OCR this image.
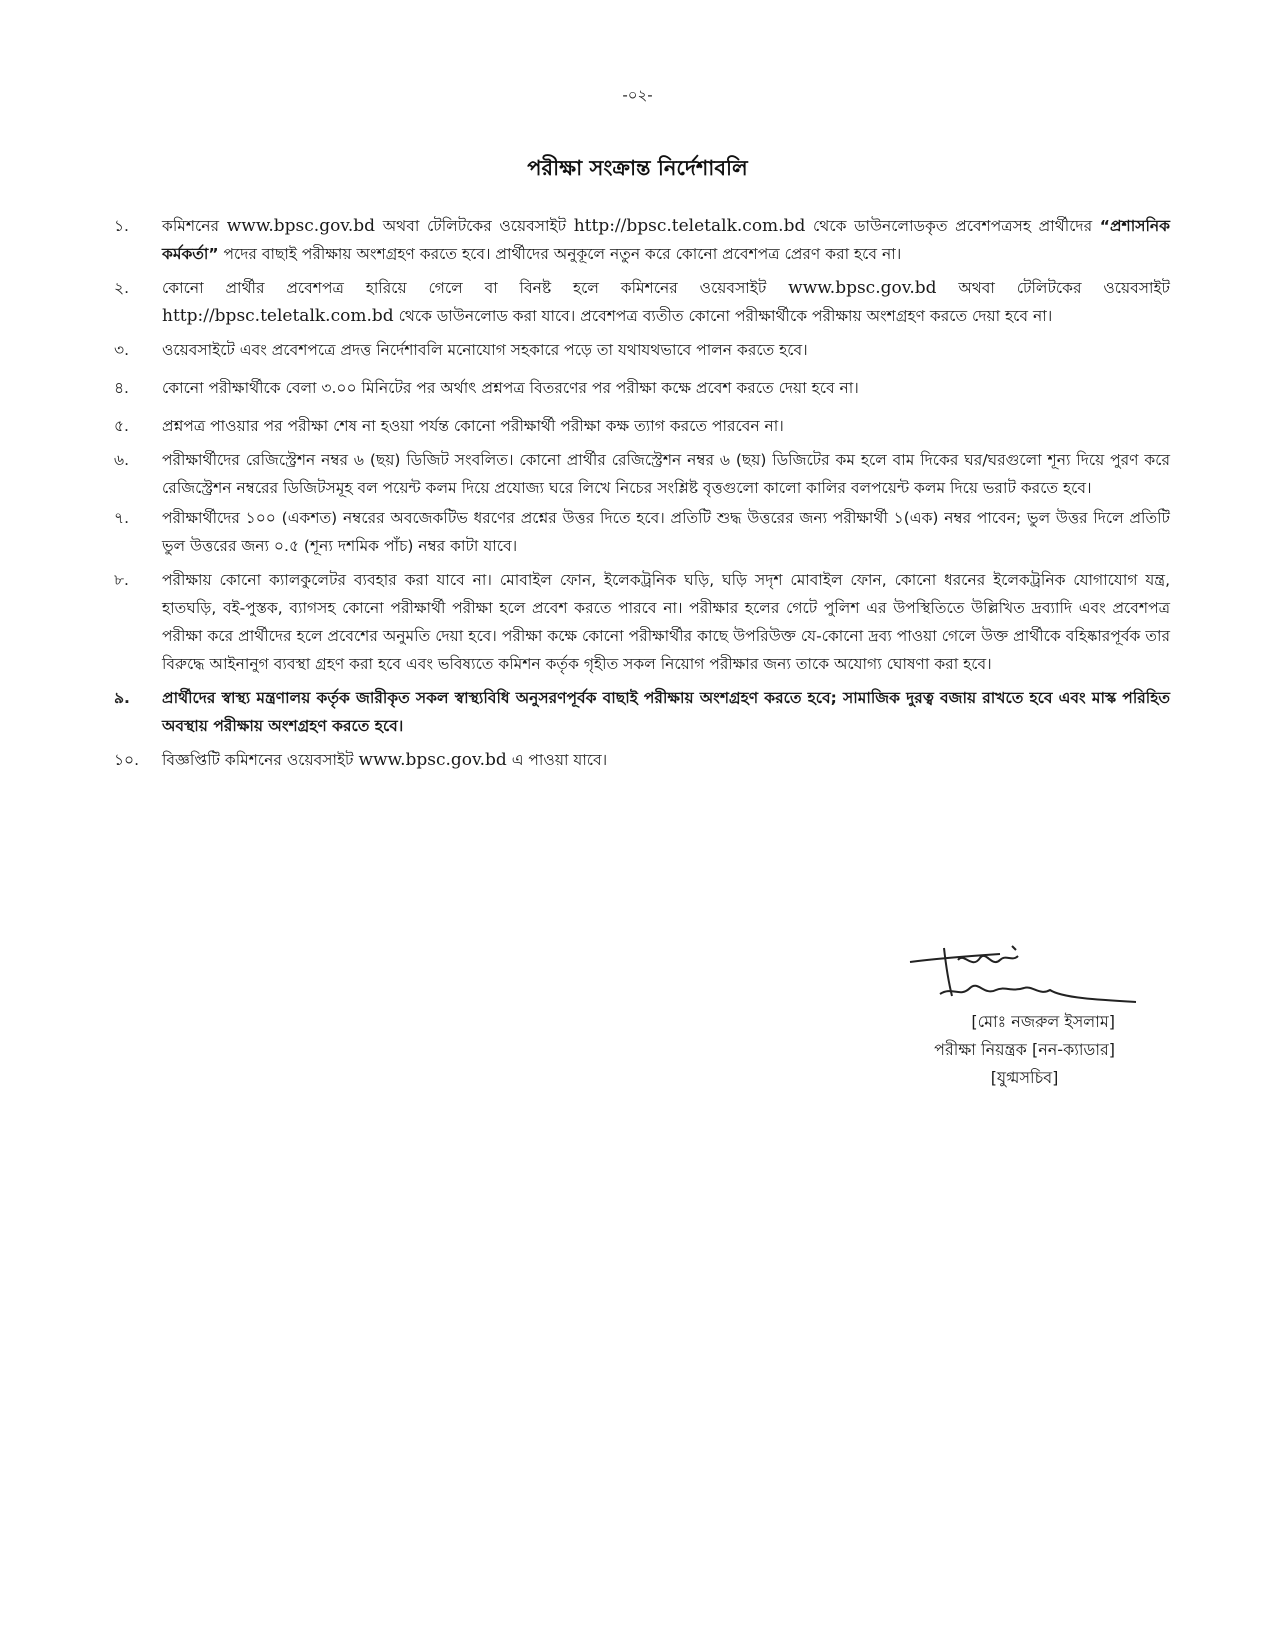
-০২-
পরীক্ষা সংক্রান্ত নির্দেশাবলি
১.	কমিশনের www.bpsc.gov.bd অথবা টেলিটকের ওয়েবসাইট http://bpsc.teletalk.com.bd থেকে ডাউনলোডকৃত প্রবেশপত্রসহ প্রার্থীদের “প্রশাসনিক কর্মকর্তা” পদের বাছাই পরীক্ষায় অংশগ্রহণ করতে হবে। প্রার্থীদের অনুকূলে নতুন করে কোনো প্রবেশপত্র প্রেরণ করা হবে না।
২.	কোনো প্রার্থীর প্রবেশপত্র হারিয়ে গেলে বা বিনষ্ট হলে কমিশনের ওয়েবসাইট www.bpsc.gov.bd অথবা টেলিটকের ওয়েবসাইট http://bpsc.teletalk.com.bd থেকে ডাউনলোড করা যাবে। প্রবেশপত্র ব্যতীত কোনো পরীক্ষার্থীকে পরীক্ষায় অংশগ্রহণ করতে দেয়া হবে না।
৩.	ওয়েবসাইটে এবং প্রবেশপত্রে প্রদত্ত নির্দেশাবলি মনোযোগ সহকারে পড়ে তা যথাযথভাবে পালন করতে হবে।
৪.	কোনো পরীক্ষার্থীকে বেলা ৩.০০ মিনিটের পর অর্থাৎ প্রশ্নপত্র বিতরণের পর পরীক্ষা কক্ষে প্রবেশ করতে দেয়া হবে না।
৫.	প্রশ্নপত্র পাওয়ার পর পরীক্ষা শেষ না হওয়া পর্যন্ত কোনো পরীক্ষার্থী পরীক্ষা কক্ষ ত্যাগ করতে পারবেন না।
৬.	পরীক্ষার্থীদের রেজিস্ট্রেশন নম্বর ৬ (ছয়) ডিজিট সংবলিত। কোনো প্রার্থীর রেজিস্ট্রেশন নম্বর ৬ (ছয়) ডিজিটের কম হলে বাম দিকের ঘর/ঘরগুলো শূন্য দিয়ে পুরণ করে রেজিস্ট্রেশন নম্বরের ডিজিটসমূহ বল পয়েন্ট কলম দিয়ে প্রযোজ্য ঘরে লিখে নিচের সংশ্লিষ্ট বৃত্তগুলো কালো কালির বলপয়েন্ট কলম দিয়ে ভরাট করতে হবে।
৭.	পরীক্ষার্থীদের ১০০ (একশত) নম্বরের অবজেকটিভ ধরণের প্রশ্নের উত্তর দিতে হবে। প্রতিটি শুদ্ধ উত্তরের জন্য পরীক্ষার্থী ১(এক) নম্বর পাবেন; ভুল উত্তর দিলে প্রতিটি ভুল উত্তরের জন্য ০.৫ (শূন্য দশমিক পাঁচ) নম্বর কাটা যাবে।
৮.	পরীক্ষায় কোনো ক্যালকুলেটর ব্যবহার করা যাবে না। মোবাইল ফোন, ইলেকট্রনিক ঘড়ি, ঘড়ি সদৃশ মোবাইল ফোন, কোনো ধরনের ইলেকট্রনিক যোগাযোগ যন্ত্র, হাতঘড়ি, বই-পুস্তক, ব্যাগসহ কোনো পরীক্ষার্থী পরীক্ষা হলে প্রবেশ করতে পারবে না। পরীক্ষার হলের গেটে পুলিশ এর উপস্থিতিতে উল্লিখিত দ্রব্যাদি এবং প্রবেশপত্র পরীক্ষা করে প্রার্থীদের হলে প্রবেশের অনুমতি দেয়া হবে। পরীক্ষা কক্ষে কোনো পরীক্ষার্থীর কাছে উপরিউক্ত যে-কোনো দ্রব্য পাওয়া গেলে উক্ত প্রার্থীকে বহিষ্কারপূর্বক তার বিরুদ্ধে আইনানুগ ব্যবস্থা গ্রহণ করা হবে এবং ভবিষ্যতে কমিশন কর্তৃক গৃহীত সকল নিয়োগ পরীক্ষার জন্য তাকে অযোগ্য ঘোষণা করা হবে।
৯.	প্রার্থীদের স্বাস্থ্য মন্ত্রণালয় কর্তৃক জারীকৃত সকল স্বাস্থ্যবিধি অনুসরণপূর্বক বাছাই পরীক্ষায় অংশগ্রহণ করতে হবে; সামাজিক দুরত্ব বজায় রাখতে হবে এবং মাস্ক পরিহিত অবস্থায় পরীক্ষায় অংশগ্রহণ করতে হবে।
১০.	বিজ্ঞপ্তিটি কমিশনের ওয়েবসাইট www.bpsc.gov.bd এ পাওয়া যাবে।
[মোঃ নজরুল ইসলাম]
পরীক্ষা নিয়ন্ত্রক [নন-ক্যাডার]
[যুগ্মসচিব]
